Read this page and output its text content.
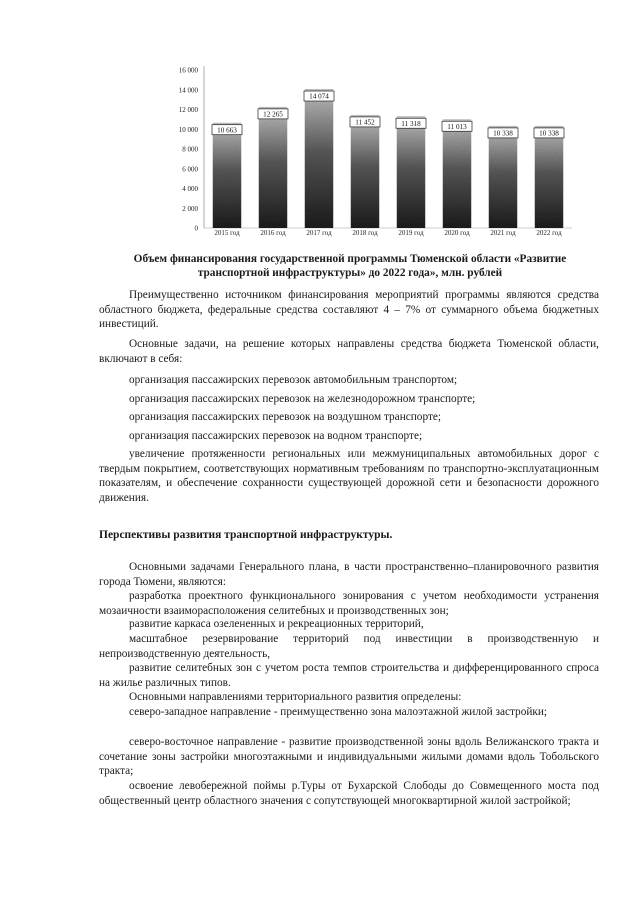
0
2 000
4 000
6 000
8 000
10 000
12 000
14 000
16 000
10 663
12 265
14 074
11 452	11 318	11 013
10 338	10 338
2015 год	2016 год	2017 год	2018 год	2019 год	2020 год	2021 год	2022 год
Объем финансирования государственной программы Тюменской области «Развитие
транспортной инфраструктуры» до 2022 года», млн. рублей

Преимущественно источником финансирования мероприятий программы являются средства областного бюджета, федеральные средства составляют 4 – 7% от суммарного объема бюджетных инвестиций.

Основные задачи, на решение которых направлены средства бюджета Тюменской области, включают в себя:

организация пассажирских перевозок автомобильным транспортом;

организация пассажирских перевозок на железнодорожном транспорте;

организация пассажирских перевозок на воздушном транспорте;

организация пассажирских перевозок на водном транспорте;

увеличение протяженности региональных или межмуниципальных автомобильных дорог с твердым покрытием, соответствующих нормативным требованиям по транспортно-эксплуатационным показателям, и обеспечение сохранности существующей дорожной сети и безопасности дорожного движения.

Перспективы развития транспортной инфраструктуры.

Основными задачами Генерального плана, в части пространственно–планировочного развития города Тюмени, являются:

разработка проектного функционального зонирования с учетом необходимости устранения мозаичности взаиморасположения селитебных и производственных зон;

развитие каркаса озелененных и рекреационных территорий,

масштабное резервирование территорий под инвестиции в производственную и непроизводственную деятельность,

развитие селитебных зон с учетом роста темпов строительства и дифференцированного спроса на жилье различных типов.

Основными направлениями территориального развития определены:

северо-западное направление - преимущественно зона малоэтажной жилой застройки;

северо-восточное направление - развитие производственной зоны вдоль Велижанского тракта и сочетание зоны застройки многоэтажными и индивидуальными жилыми домами вдоль Тобольского тракта;

освоение левобережной поймы р.Туры от Бухарской Слободы до Совмещенного моста под общественный центр областного значения с сопутствующей многоквартирной жилой застройкой;
